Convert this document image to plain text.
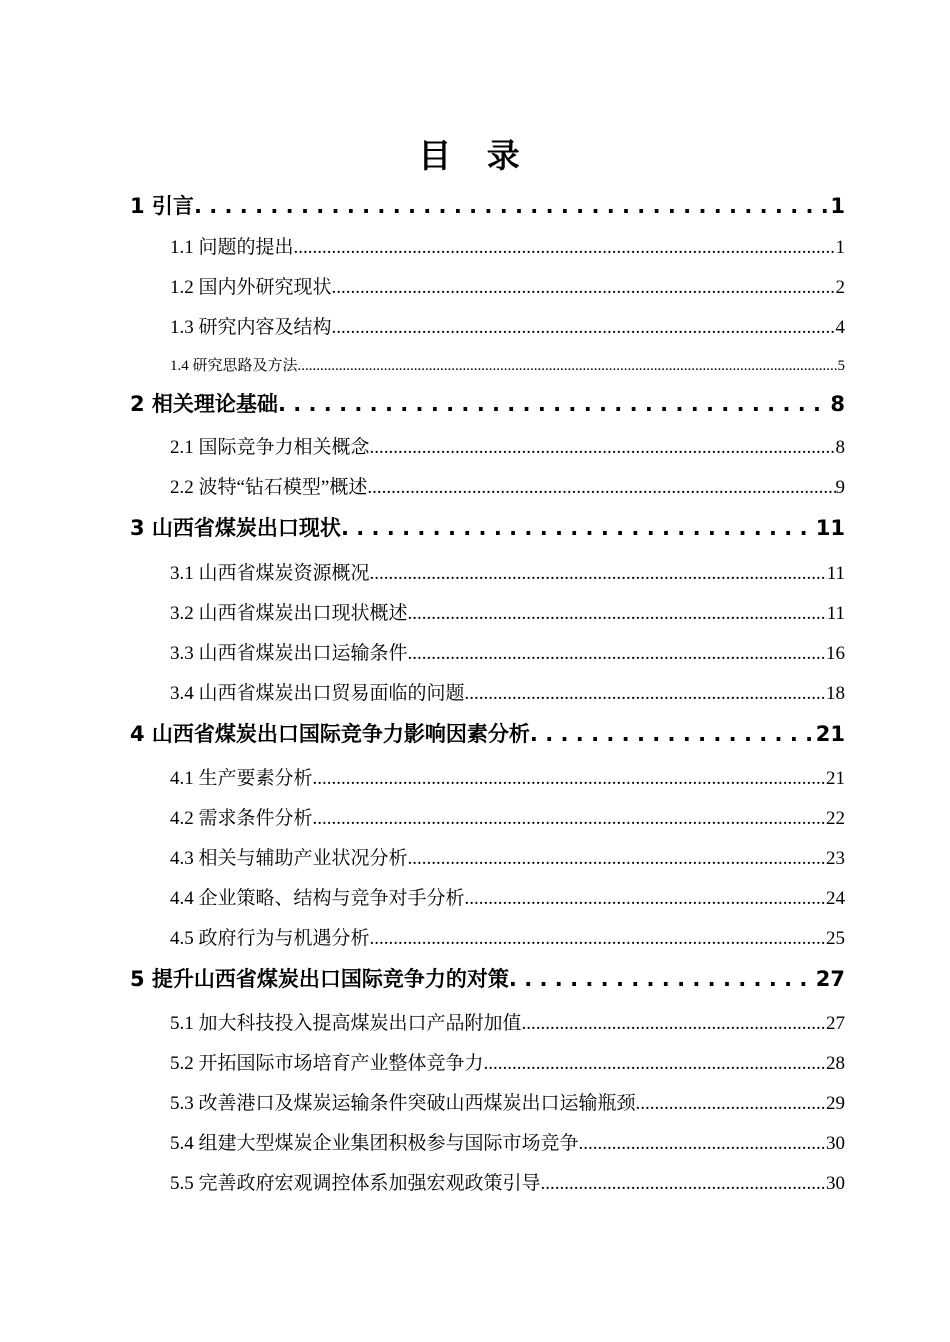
目 录
1 引言 . . .	1
1.1 问题的提出 .....	1
1.2 国内外研究现状 .....	2
1.3 研究内容及结构 .....	4
1.4 研究思路及方法 .....	5
2 相关理论基础 . . .	8
2.1 国际竞争力相关概念 .....	8
2.2 波特“钻石模型”概述 .....	9
3 山西省煤炭出口现状 . . .	11
3.1 山西省煤炭资源概况 .....	11
3.2 山西省煤炭出口现状概述 .....	11
3.3 山西省煤炭出口运输条件 .....	16
3.4 山西省煤炭出口贸易面临的问题 .....	18
4 山西省煤炭出口国际竞争力影响因素分析 . . .	21
4.1 生产要素分析 .....	21
4.2 需求条件分析 .....	22
4.3 相关与辅助产业状况分析 .....	23
4.4 企业策略、结构与竞争对手分析 .....	24
4.5 政府行为与机遇分析 .....	25
5 提升山西省煤炭出口国际竞争力的对策 . . .	27
5.1 加大科技投入提高煤炭出口产品附加值 .....	27
5.2 开拓国际市场培育产业整体竞争力 .....	28
5.3 改善港口及煤炭运输条件突破山西煤炭出口运输瓶颈 .....	29
5.4 组建大型煤炭企业集团积极参与国际市场竞争 .....	30
5.5 完善政府宏观调控体系加强宏观政策引导 .....	30
